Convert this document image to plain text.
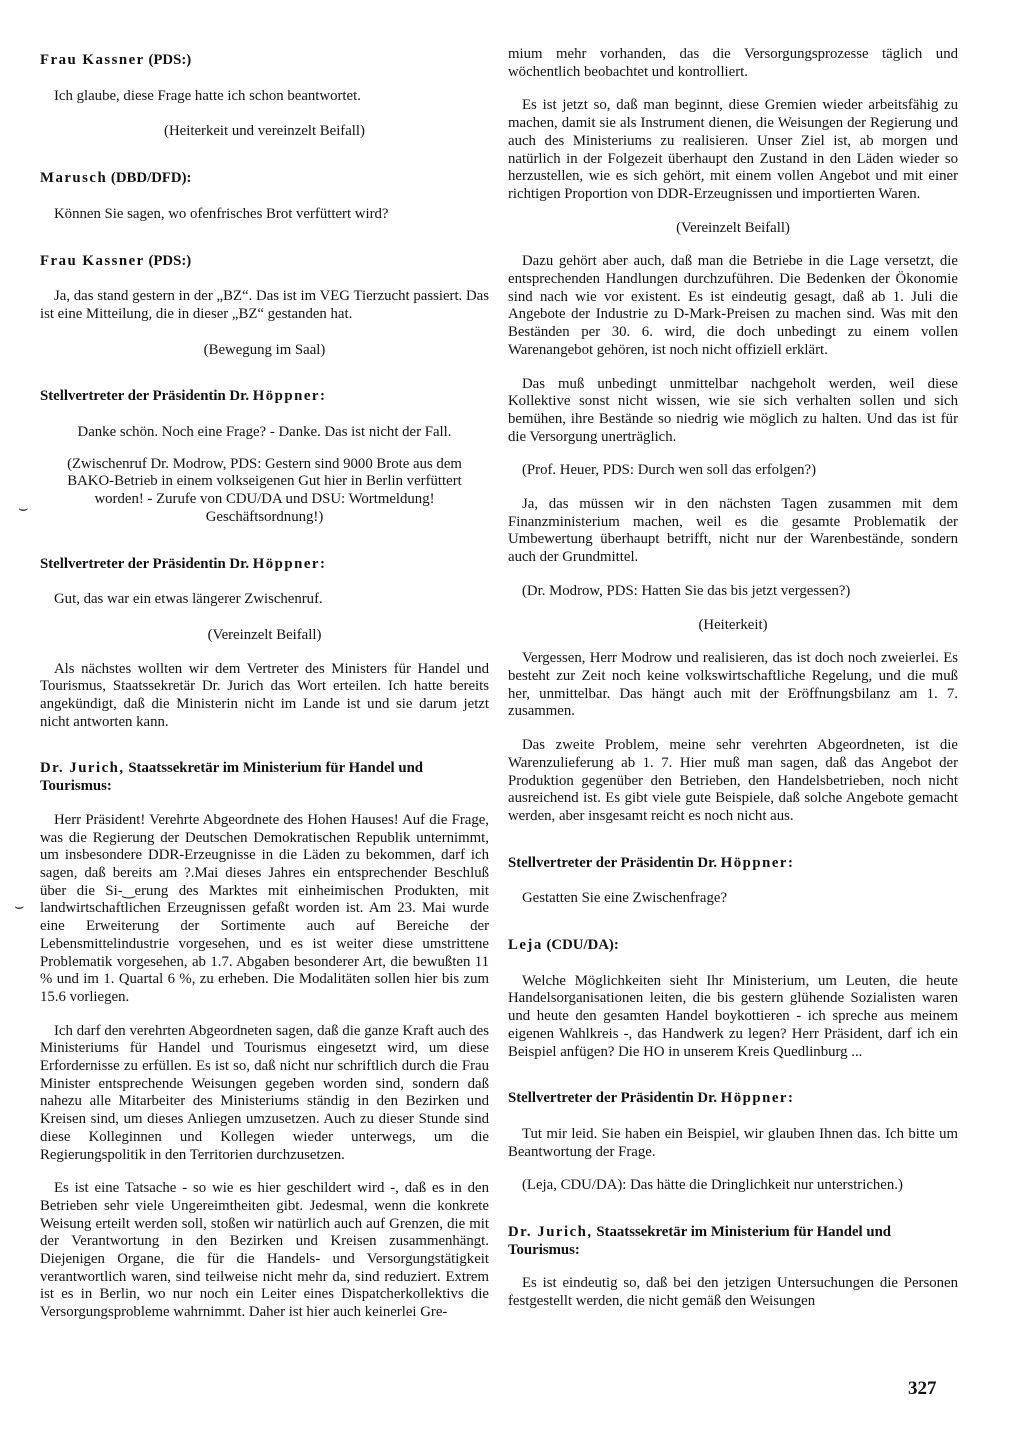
Frau Kassner (PDS:)

Ich glaube, diese Frage hatte ich schon beantwortet.

(Heiterkeit und vereinzelt Beifall)

Marusch (DBD/DFD):

Können Sie sagen, wo ofenfrisches Brot verfüttert wird?

Frau Kassner (PDS:)

Ja, das stand gestern in der „BZ“. Das ist im VEG Tierzucht passiert. Das ist eine Mitteilung, die in dieser „BZ“ gestanden hat.

(Bewegung im Saal)

Stellvertreter der Präsidentin Dr. Höppner:

Danke schön. Noch eine Frage? - Danke. Das ist nicht der Fall.

(Zwischenruf Dr. Modrow, PDS: Gestern sind 9000 Brote aus dem BAKO-Betrieb in einem volkseigenen Gut hier in Berlin verfüttert worden! - Zurufe von CDU/DA und DSU: Wortmeldung! Geschäftsordnung!)

Stellvertreter der Präsidentin Dr. Höppner:

Gut, das war ein etwas längerer Zwischenruf.

(Vereinzelt Beifall)

Als nächstes wollten wir dem Vertreter des Ministers für Handel und Tourismus, Staatssekretär Dr. Jurich das Wort erteilen. Ich hatte bereits angekündigt, daß die Ministerin nicht im Lande ist und sie darum jetzt nicht antworten kann.

Dr. Jurich, Staatssekretär im Ministerium für Handel und Tourismus:

Herr Präsident! Verehrte Abgeordnete des Hohen Hauses! Auf die Frage, was die Regierung der Deutschen Demokratischen Republik unternimmt, um insbesondere DDR-Erzeugnisse in die Läden zu bekommen, darf ich sagen, daß bereits am ?.Mai dieses Jahres ein entsprechender Beschluß über die Si-‿erung des Marktes mit einheimischen Produkten, mit landwirtschaftlichen Erzeugnissen gefaßt worden ist. Am 23. Mai wurde eine Erweiterung der Sortimente auch auf Bereiche der Lebensmittelindustrie vorgesehen, und es ist weiter diese umstrittene Problematik vorgesehen, ab 1.7. Abgaben besonderer Art, die bewußten 11 % und im 1. Quartal 6 %, zu erheben. Die Modalitäten sollen hier bis zum 15.6 vorliegen.

Ich darf den verehrten Abgeordneten sagen, daß die ganze Kraft auch des Ministeriums für Handel und Tourismus eingesetzt wird, um diese Erfordernisse zu erfüllen. Es ist so, daß nicht nur schriftlich durch die Frau Minister entsprechende Weisungen gegeben worden sind, sondern daß nahezu alle Mitarbeiter des Ministeriums ständig in den Bezirken und Kreisen sind, um dieses Anliegen umzusetzen. Auch zu dieser Stunde sind diese Kolleginnen und Kollegen wieder unterwegs, um die Regierungspolitik in den Territorien durchzusetzen.

Es ist eine Tatsache - so wie es hier geschildert wird -, daß es in den Betrieben sehr viele Ungereimtheiten gibt. Jedesmal, wenn die konkrete Weisung erteilt werden soll, stoßen wir natürlich auch auf Grenzen, die mit der Verantwortung in den Bezirken und Kreisen zusammenhängt. Diejenigen Organe, die für die Handels- und Versorgungstätigkeit verantwortlich waren, sind teilweise nicht mehr da, sind reduziert. Extrem ist es in Berlin, wo nur noch ein Leiter eines Dispatcherkollektivs die Versorgungsprobleme wahrnimmt. Daher ist hier auch keinerlei Gre-

mium mehr vorhanden, das die Versorgungsprozesse täglich und wöchentlich beobachtet und kontrolliert.

Es ist jetzt so, daß man beginnt, diese Gremien wieder arbeitsfähig zu machen, damit sie als Instrument dienen, die Weisungen der Regierung und auch des Ministeriums zu realisieren. Unser Ziel ist, ab morgen und natürlich in der Folgezeit überhaupt den Zustand in den Läden wieder so herzustellen, wie es sich gehört, mit einem vollen Angebot und mit einer richtigen Proportion von DDR-Erzeugnissen und importierten Waren.

(Vereinzelt Beifall)

Dazu gehört aber auch, daß man die Betriebe in die Lage versetzt, die entsprechenden Handlungen durchzuführen. Die Bedenken der Ökonomie sind nach wie vor existent. Es ist eindeutig gesagt, daß ab 1. Juli die Angebote der Industrie zu D-Mark-Preisen zu machen sind. Was mit den Beständen per 30. 6. wird, die doch unbedingt zu einem vollen Warenangebot gehören, ist noch nicht offiziell erklärt.

Das muß unbedingt unmittelbar nachgeholt werden, weil diese Kollektive sonst nicht wissen, wie sie sich verhalten sollen und sich bemühen, ihre Bestände so niedrig wie möglich zu halten. Und das ist für die Versorgung unerträglich.

(Prof. Heuer, PDS: Durch wen soll das erfolgen?)

Ja, das müssen wir in den nächsten Tagen zusammen mit dem Finanzministerium machen, weil es die gesamte Problematik der Umbewertung überhaupt betrifft, nicht nur der Warenbestände, sondern auch der Grundmittel.

(Dr. Modrow, PDS: Hatten Sie das bis jetzt vergessen?)

(Heiterkeit)

Vergessen, Herr Modrow und realisieren, das ist doch noch zweierlei. Es besteht zur Zeit noch keine volkswirtschaftliche Regelung, und die muß her, unmittelbar. Das hängt auch mit der Eröffnungsbilanz am 1. 7. zusammen.

Das zweite Problem, meine sehr verehrten Abgeordneten, ist die Warenzulieferung ab 1. 7. Hier muß man sagen, daß das Angebot der Produktion gegenüber den Betrieben, den Handelsbetrieben, noch nicht ausreichend ist. Es gibt viele gute Beispiele, daß solche Angebote gemacht werden, aber insgesamt reicht es noch nicht aus.

Stellvertreter der Präsidentin Dr. Höppner:

Gestatten Sie eine Zwischenfrage?

Leja (CDU/DA):

Welche Möglichkeiten sieht Ihr Ministerium, um Leuten, die heute Handelsorganisationen leiten, die bis gestern glühende Sozialisten waren und heute den gesamten Handel boykottieren - ich spreche aus meinem eigenen Wahlkreis -, das Handwerk zu legen? Herr Präsident, darf ich ein Beispiel anfügen? Die HO in unserem Kreis Quedlinburg ...

Stellvertreter der Präsidentin Dr. Höppner:

Tut mir leid. Sie haben ein Beispiel, wir glauben Ihnen das. Ich bitte um Beantwortung der Frage.

(Leja, CDU/DA): Das hätte die Dringlichkeit nur unterstrichen.)

Dr. Jurich, Staatssekretär im Ministerium für Handel und Tourismus:

Es ist eindeutig so, daß bei den jetzigen Untersuchungen die Personen festgestellt werden, die nicht gemäß den Weisungen

327
⌣
⌣
